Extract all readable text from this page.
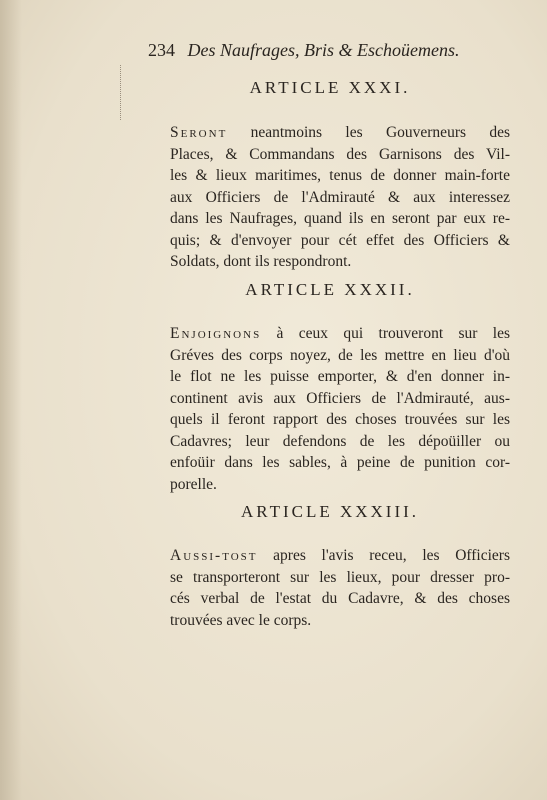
234 Des Naufrages, Bris & Eschoüemens.
ARTICLE XXXI.
Seront neantmoins les Gouverneurs des
Places, & Commandans des Garnisons des Vil-
les & lieux maritimes, tenus de donner main-forte
aux Officiers de l'Admirauté & aux interessez
dans les Naufrages, quand ils en seront par eux re-
quis; & d'envoyer pour cét effet des Officiers &
Soldats, dont ils respondront.
ARTICLE XXXII.
Enjoignons à ceux qui trouveront sur les
Gréves des corps noyez, de les mettre en lieu d'où
le flot ne les puisse emporter, & d'en donner in-
continent avis aux Officiers de l'Admirauté, aus-
quels il feront rapport des choses trouvées sur les
Cadavres; leur defendons de les dépoüiller ou
enfoüir dans les sables, à peine de punition cor-
porelle.
ARTICLE XXXIII.
Aussi-tost apres l'avis receu, les Officiers
se transporteront sur les lieux, pour dresser pro-
cés verbal de l'estat du Cadavre, & des choses
trouvées avec le corps.
